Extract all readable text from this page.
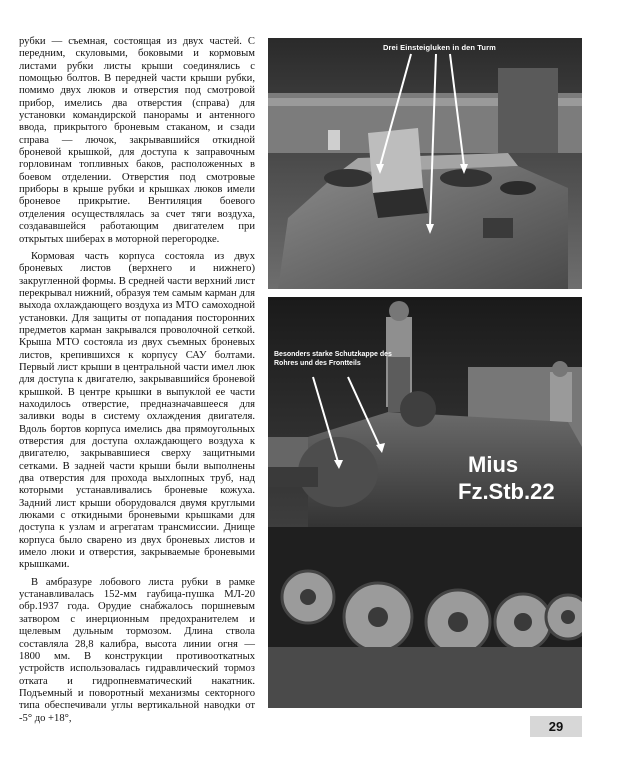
рубки — съемная, состоящая из двух частей. С передним, скуловыми, боковыми и кормовым листами рубки листы крыши соединялись с помощью болтов. В передней части крыши рубки, помимо двух люков и отверстия под смотровой прибор, имелись два отверстия (справа) для установки командирской панорамы и антенного ввода, прикрытого броневым стаканом, и сзади справа — лючок, закрывавшийся откидной броневой крышкой, для доступа к заправочным горловинам топливных баков, расположенных в боевом отделении. Отверстия под смотровые приборы в крыше рубки и крышках люков имели броневое прикрытие. Вентиляция боевого отделения осуществлялась за счет тяги воздуха, создававшейся работающим двигателем при открытых шиберах в моторной перегородке.

Кормовая часть корпуса состояла из двух броневых листов (верхнего и нижнего) закругленной формы. В средней части верхний лист перекрывал нижний, образуя тем самым карман для выхода охлаждающего воздуха из МТО самоходной установки. Для защиты от попадания посторонних предметов карман закрывался проволочной сеткой. Крыша МТО состояла из двух съемных броневых листов, крепившихся к корпусу САУ болтами. Первый лист крыши в центральной части имел люк для доступа к двигателю, закрывавшийся броневой крышкой. В центре крышки в выпуклой ее части находилось отверстие, предназначавшееся для заливки воды в систему охлаждения двигателя. Вдоль бортов корпуса имелись два прямоугольных отверстия для доступа охлаждающего воздуха к двигателю, закрывавшиеся сверху защитными сетками. В задней части крыши были выполнены два отверстия для прохода выхлопных труб, над которыми устанавливались броневые кожуха. Задний лист крыши оборудовался двумя круглыми люками с откидными броневыми крышками для доступа к узлам и агрегатам трансмиссии. Днище корпуса было сварено из двух броневых листов и имело люки и отверстия, закрываемые броневыми крышками.

В амбразуре лобового листа рубки в рамке устанавливалась 152-мм гаубица-пушка МЛ-20 обр.1937 года. Орудие снабжалось поршневым затвором с инерционным предохранителем и щелевым дульным тормозом. Длина ствола составляла 28,8 калибра, высота линии огня — 1800 мм. В конструкции противооткатных устройств использовалась гидравлический тормоз отката и гидропневматический накатник. Подъемный и поворотный механизмы секторного типа обеспечивали углы вертикальной наводки от -5° до +18°,

Drei Einsteigluken in den Turm
Mius
Fz.Stb.22
Besonders starke Schutzkappe des Rohres und des Frontteils
29
